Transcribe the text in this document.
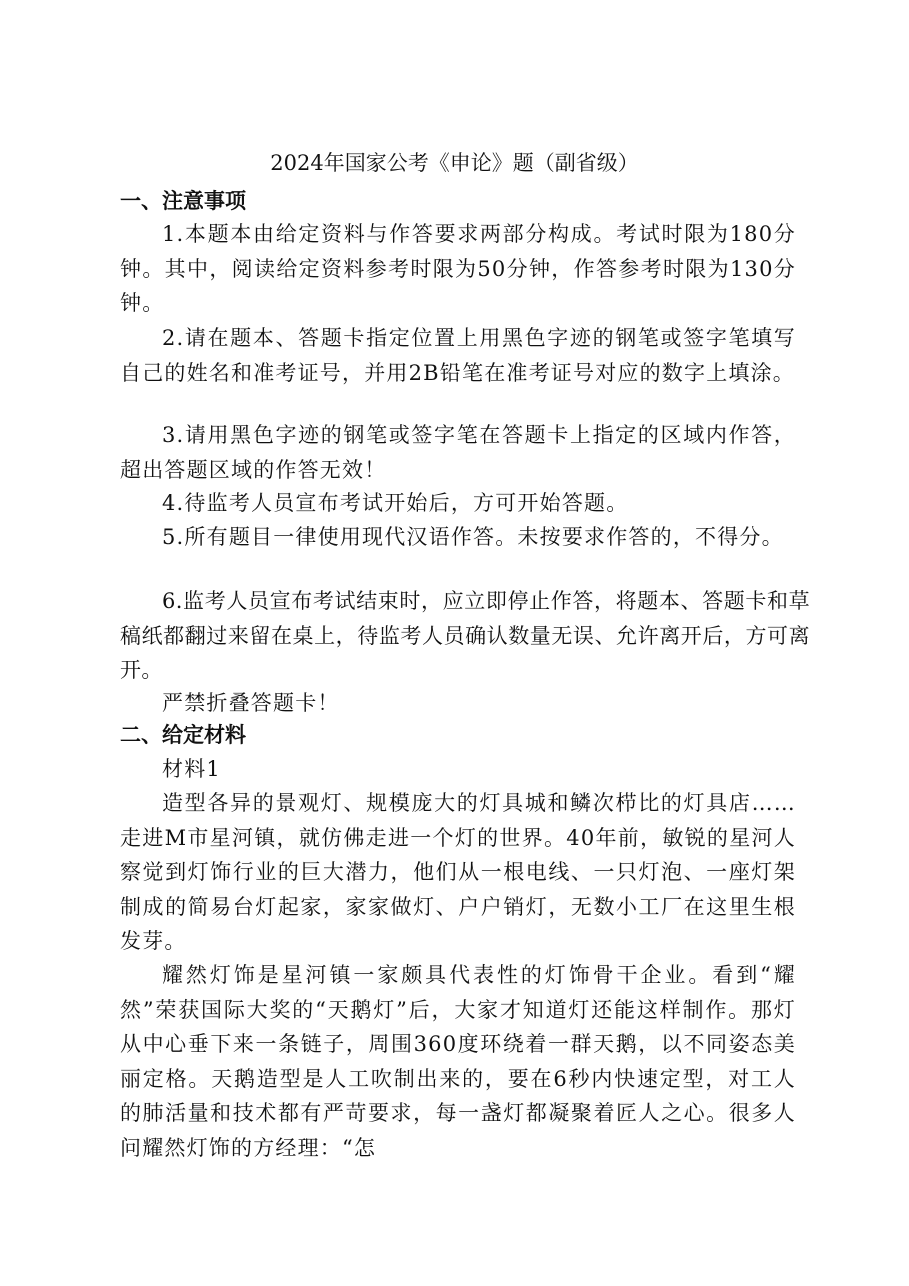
2024年国家公考《申论》题（副省级）
一、注意事项
1.本题本由给定资料与作答要求两部分构成。考试时限为180分钟。其中，阅读给定资料参考时限为50分钟，作答参考时限为130分钟。
2.请在题本、答题卡指定位置上用黑色字迹的钢笔或签字笔填写自己的姓名和准考证号，并用2B铅笔在准考证号对应的数字上填涂。
3.请用黑色字迹的钢笔或签字笔在答题卡上指定的区域内作答，超出答题区域的作答无效！
4.待监考人员宣布考试开始后，方可开始答题。
5.所有题目一律使用现代汉语作答。未按要求作答的，不得分。
6.监考人员宣布考试结束时，应立即停止作答，将题本、答题卡和草稿纸都翻过来留在桌上，待监考人员确认数量无误、允许离开后，方可离开。
严禁折叠答题卡！
二、给定材料
材料1
造型各异的景观灯、规模庞大的灯具城和鳞次栉比的灯具店……走进M市星河镇，就仿佛走进一个灯的世界。40年前，敏锐的星河人察觉到灯饰行业的巨大潜力，他们从一根电线、一只灯泡、一座灯架制成的简易台灯起家，家家做灯、户户销灯，无数小工厂在这里生根发芽。
耀然灯饰是星河镇一家颇具代表性的灯饰骨干企业。看到“耀然”荣获国际大奖的“天鹅灯”后，大家才知道灯还能这样制作。那灯从中心垂下来一条链子，周围360度环绕着一群天鹅，以不同姿态美丽定格。天鹅造型是人工吹制出来的，要在6秒内快速定型，对工人的肺活量和技术都有严苛要求，每一盏灯都凝聚着匠人之心。很多人问耀然灯饰的方经理：“怎
